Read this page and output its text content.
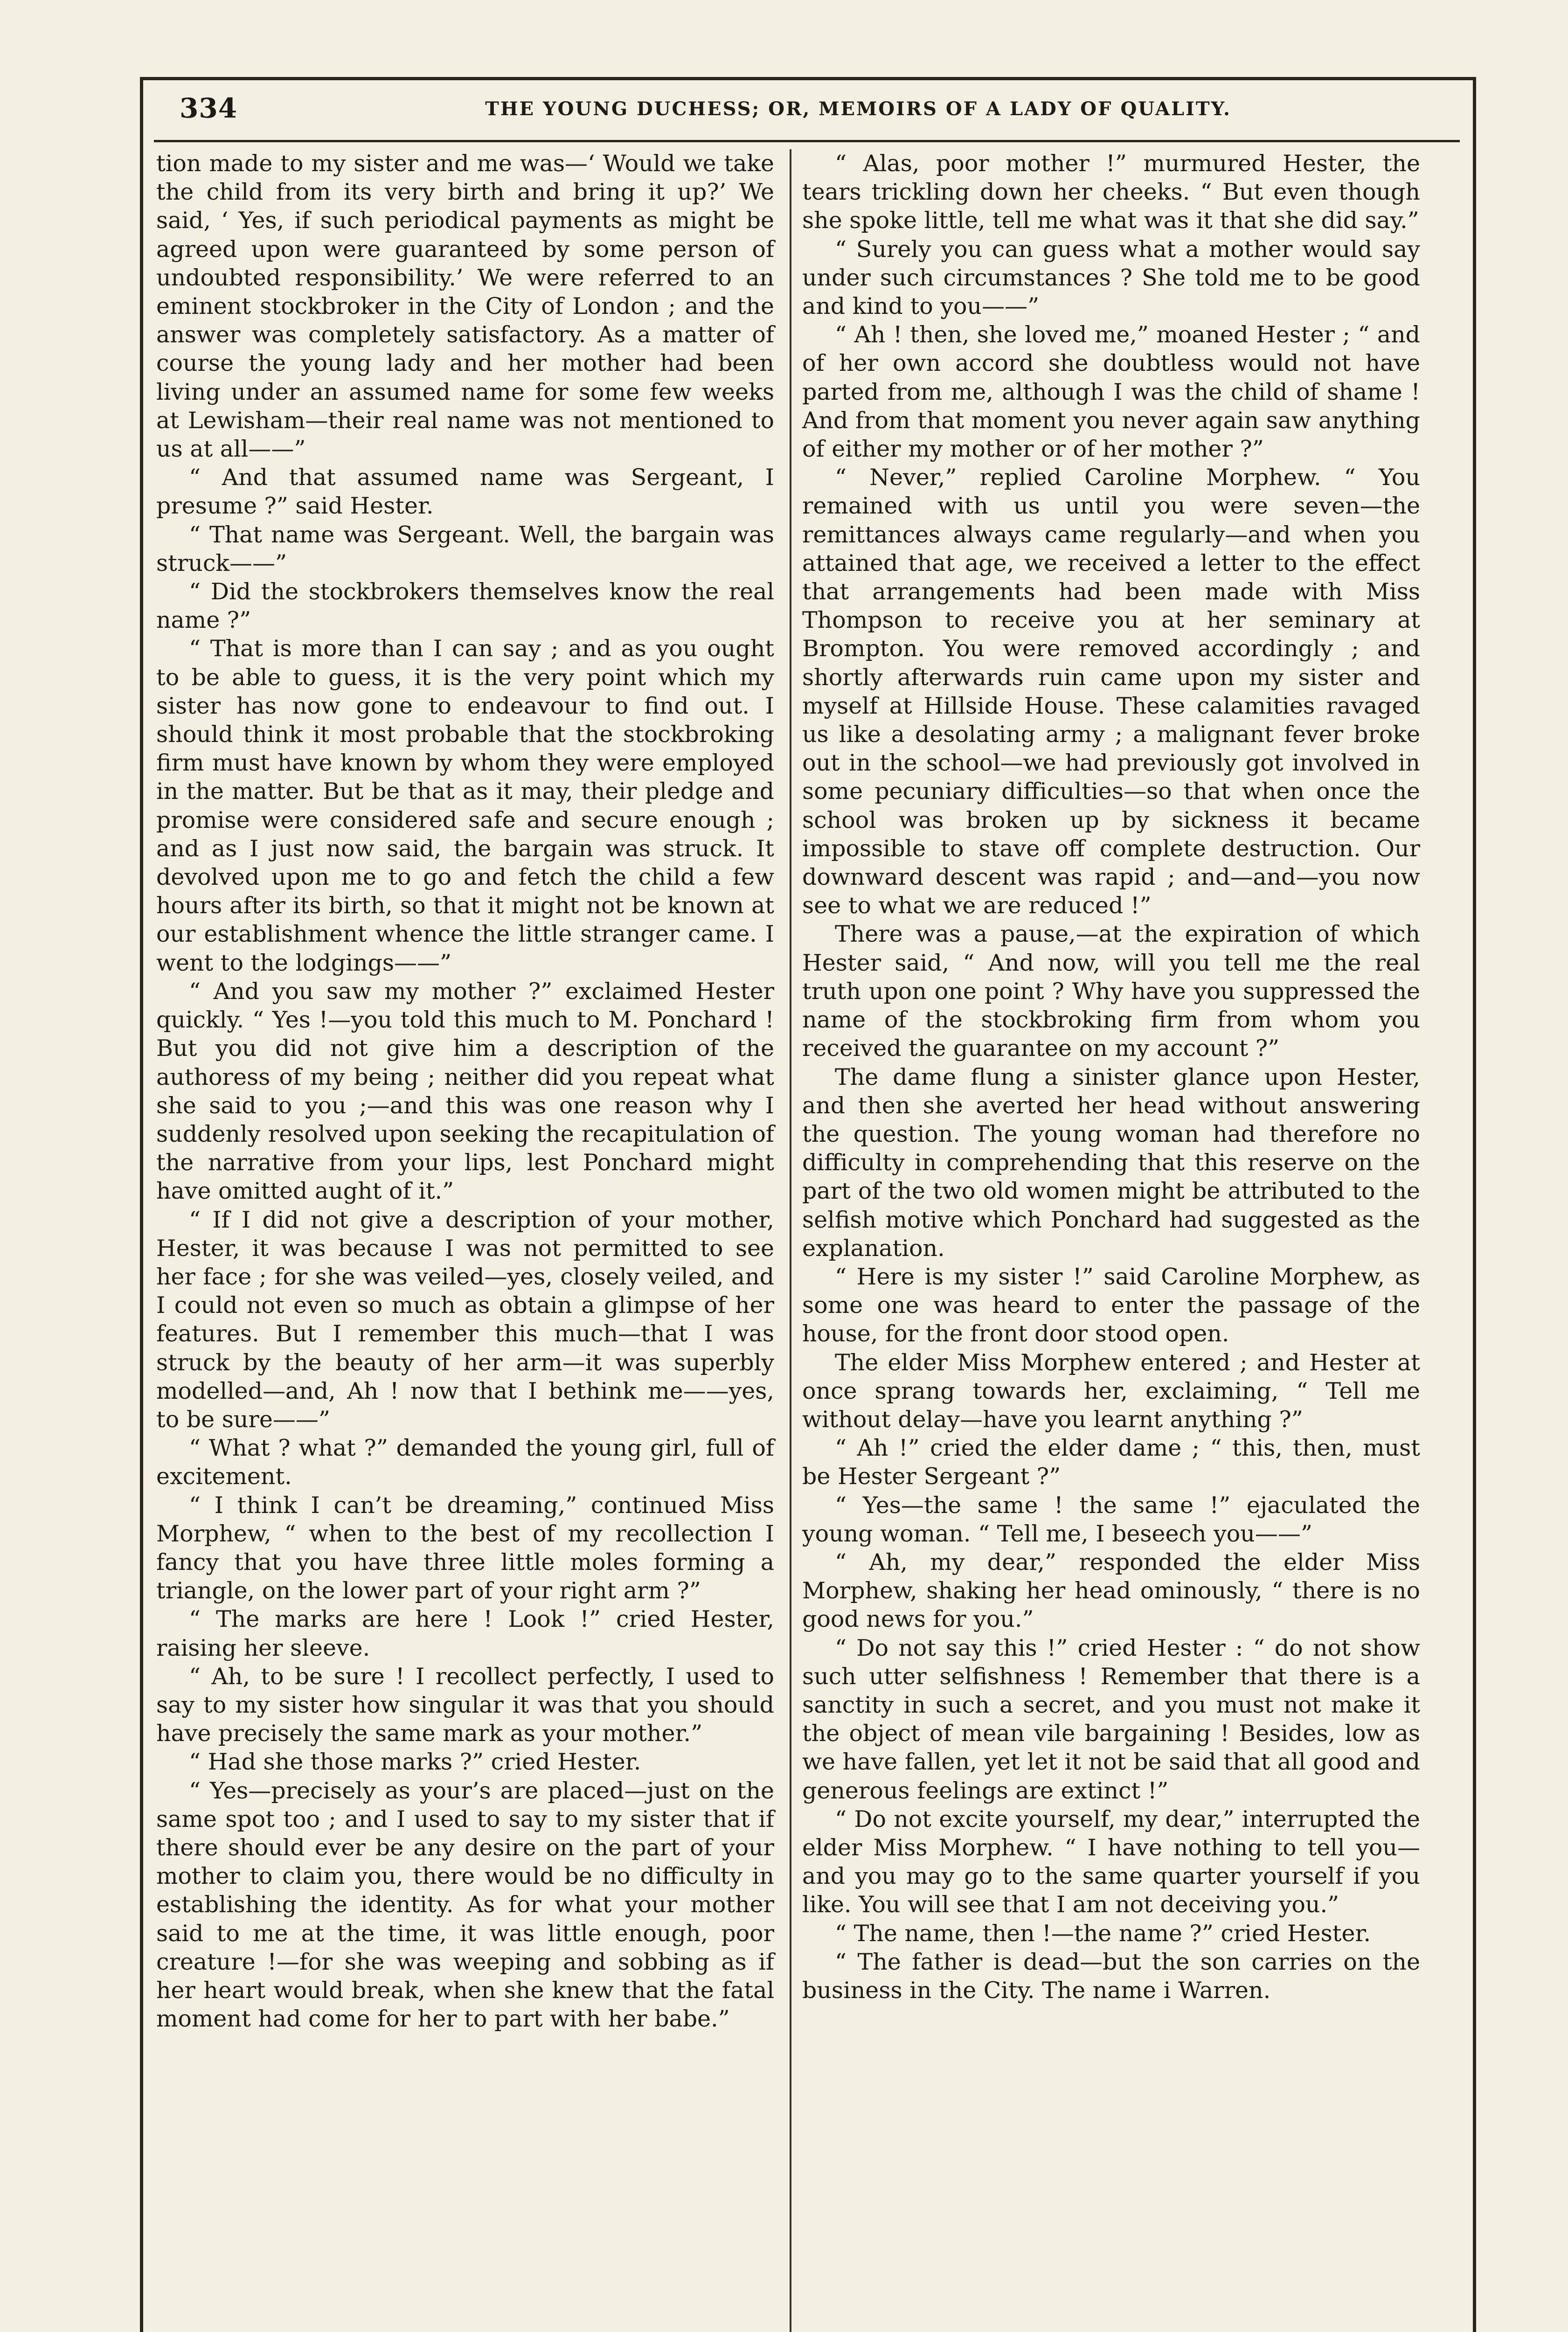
334	THE YOUNG DUCHESS; OR, MEMOIRS OF A LADY OF QUALITY.

tion made to my sister and me was—‘ Would we take the child from its very birth and bring it up?’ We said, ‘ Yes, if such periodical payments as might be agreed upon were guaranteed by some person of undoubted responsibility.’ We were referred to an eminent stockbroker in the City of London ; and the answer was completely satisfactory. As a matter of course the young lady and her mother had been living under an assumed name for some few weeks at Lewisham—their real name was not mentioned to us at all——”

“ And that assumed name was Sergeant, I presume ?” said Hester.

“ That name was Sergeant. Well, the bargain was struck——”

“ Did the stockbrokers themselves know the real name ?”

“ That is more than I can say ; and as you ought to be able to guess, it is the very point which my sister has now gone to endeavour to find out. I should think it most probable that the stockbroking firm must have known by whom they were employed in the matter. But be that as it may, their pledge and promise were considered safe and secure enough ; and as I just now said, the bargain was struck. It devolved upon me to go and fetch the child a few hours after its birth, so that it might not be known at our establishment whence the little stranger came. I went to the lodgings——”

“ And you saw my mother ?” exclaimed Hester quickly. “ Yes !—you told this much to M. Ponchard ! But you did not give him a description of the authoress of my being ; neither did you repeat what she said to you ;—and this was one reason why I suddenly resolved upon seeking the recapitulation of the narrative from your lips, lest Ponchard might have omitted aught of it.”

“ If I did not give a description of your mother, Hester, it was because I was not permitted to see her face ; for she was veiled—yes, closely veiled, and I could not even so much as obtain a glimpse of her features. But I remember this much—that I was struck by the beauty of her arm—it was superbly modelled—and, Ah ! now that I bethink me——yes, to be sure——”

“ What ? what ?” demanded the young girl, full of excitement.

“ I think I can’t be dreaming,” continued Miss Morphew, “ when to the best of my recollection I fancy that you have three little moles forming a triangle, on the lower part of your right arm ?”

“ The marks are here ! Look !” cried Hester, raising her sleeve.

“ Ah, to be sure ! I recollect perfectly, I used to say to my sister how singular it was that you should have precisely the same mark as your mother.”

“ Had she those marks ?” cried Hester.

“ Yes—precisely as your’s are placed—just on the same spot too ; and I used to say to my sister that if there should ever be any desire on the part of your mother to claim you, there would be no difficulty in establishing the identity. As for what your mother said to me at the time, it was little enough, poor creature !—for she was weeping and sobbing as if her heart would break, when she knew that the fatal moment had come for her to part with her babe.”

“ Alas, poor mother !” murmured Hester, the tears trickling down her cheeks. “ But even though she spoke little, tell me what was it that she did say.”

“ Surely you can guess what a mother would say under such circumstances ? She told me to be good and kind to you——”

“ Ah ! then, she loved me,” moaned Hester ; “ and of her own accord she doubtless would not have parted from me, although I was the child of shame ! And from that moment you never again saw anything of either my mother or of her mother ?”

“ Never,” replied Caroline Morphew. “ You remained with us until you were seven—the remittances always came regularly—and when you attained that age, we received a letter to the effect that arrangements had been made with Miss Thompson to receive you at her seminary at Brompton. You were removed accordingly ; and shortly afterwards ruin came upon my sister and myself at Hillside House. These calamities ravaged us like a desolating army ; a malignant fever broke out in the school—we had previously got involved in some pecuniary difficulties—so that when once the school was broken up by sickness it became impossible to stave off complete destruction. Our downward descent was rapid ; and—and—you now see to what we are reduced !”

There was a pause,—at the expiration of which Hester said, “ And now, will you tell me the real truth upon one point ? Why have you suppressed the name of the stockbroking firm from whom you received the guarantee on my account ?”

The dame flung a sinister glance upon Hester, and then she averted her head without answering the question. The young woman had therefore no difficulty in comprehending that this reserve on the part of the two old women might be attributed to the selfish motive which Ponchard had suggested as the explanation.

“ Here is my sister !” said Caroline Morphew, as some one was heard to enter the passage of the house, for the front door stood open.

The elder Miss Morphew entered ; and Hester at once sprang towards her, exclaiming, “ Tell me without delay—have you learnt anything ?”

“ Ah !” cried the elder dame ; “ this, then, must be Hester Sergeant ?”

“ Yes—the same ! the same !” ejaculated the young woman. “ Tell me, I beseech you——”

“ Ah, my dear,” responded the elder Miss Morphew, shaking her head ominously, “ there is no good news for you.”

“ Do not say this !” cried Hester : “ do not show such utter selfishness ! Remember that there is a sanctity in such a secret, and you must not make it the object of mean vile bargaining ! Besides, low as we have fallen, yet let it not be said that all good and generous feelings are extinct !”

“ Do not excite yourself, my dear,” interrupted the elder Miss Morphew. “ I have nothing to tell you—and you may go to the same quarter yourself if you like. You will see that I am not deceiving you.”

“ The name, then !—the name ?” cried Hester.

“ The father is dead—but the son carries on the business in the City. The name i Warren.
